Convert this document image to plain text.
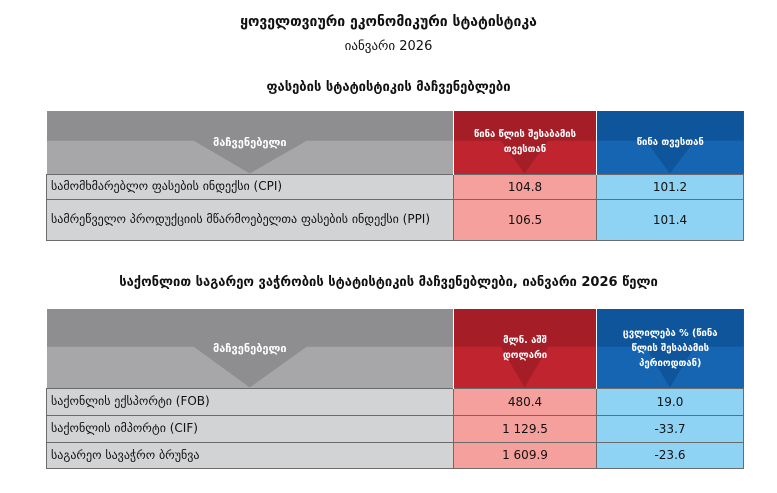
ყოველთვიური ეკონომიკური სტატისტიკა
იანვარი 2026
ფასების სტატისტიკის მაჩვენებლები
მაჩვენებელი	წინა წლის შესაბამის თვესთან	წინა თვესთან

სამომხმარებლო ფასების ინდექსი (CPI)	104.8	101.2
სამრეწველო პროდუქციის მწარმოებელთა ფასების ინდექსი (PPI)	106.5	101.4
საქონლით საგარეო ვაჭრობის სტატისტიკის მაჩვენებლები, იანვარი 2026 წელი
მაჩვენებელი	მლნ. აშშ დოლარი	ცვლილება % (წინა წლის შესაბამის პერიოდთან)

საქონლის ექსპორტი (FOB)	480.4	19.0
საქონლის იმპორტი (CIF)	1 129.5	-33.7
საგარეო სავაჭრო ბრუნვა	1 609.9	-23.6
